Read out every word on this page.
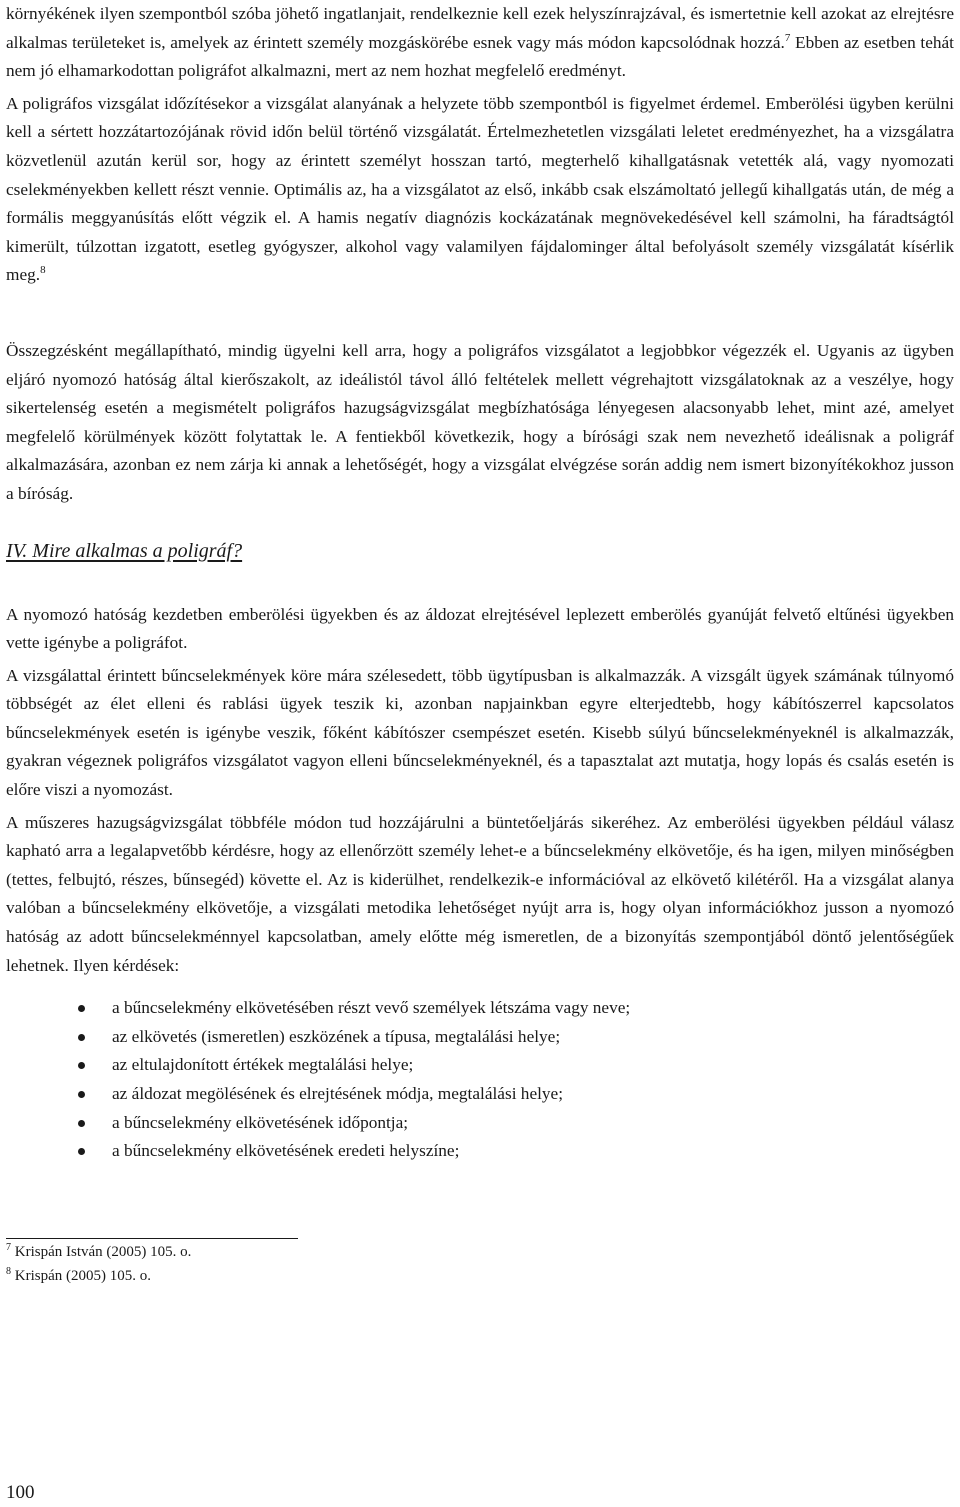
környékének ilyen szempontból szóba jöhető ingatlanjait, rendelkeznie kell ezek helyszínrajzával, és ismertetnie kell azokat az elrejtésre alkalmas területeket is, amelyek az érintett személy mozgáskörébe esnek vagy más módon kapcsolódnak hozzá.$^7$ Ebben az esetben tehát nem jó elhamarkodottan poligráfot alkalmazni, mert az nem hozhat megfelelő eredményt.

A poligráfos vizsgálat időzítésekor a vizsgálat alanyának a helyzete több szempontból is figyelmet érdemel. Emberölési ügyben kerülni kell a sértett hozzátartozójának rövid időn belül történő vizsgálatát. Értelmezhetetlen vizsgálati leletet eredményezhet, ha a vizsgálatra közvetlenül azután kerül sor, hogy az érintett személyt hosszan tartó, megterhelő kihallgatásnak vetették alá, vagy nyomozati cselekményekben kellett részt vennie. Optimális az, ha a vizsgálatot az első, inkább csak elszámoltató jellegű kihallgatás után, de még a formális meggyanúsítás előtt végzik el. A hamis negatív diagnózis kockázatának megnövekedésével kell számolni, ha fáradtságtól kimerült, túlzottan izgatott, esetleg gyógyszer, alkohol vagy valamilyen fájdalominger által befolyásolt személy vizsgálatát kísérlik meg.$^8$

Összegzésként megállapítható, mindig ügyelni kell arra, hogy a poligráfos vizsgálatot a legjobbkor végezzék el. Ugyanis az ügyben eljáró nyomozó hatóság által kierőszakolt, az ideálistól távol álló feltételek mellett végrehajtott vizsgálatoknak az a veszélye, hogy sikertelenség esetén a megismételt poligráfos hazugságvizsgálat megbízhatósága lényegesen alacsonyabb lehet, mint azé, amelyet megfelelő körülmények között folytattak le. A fentiekből következik, hogy a bírósági szak nem nevezhető ideálisnak a poligráf alkalmazására, azonban ez nem zárja ki annak a lehetőségét, hogy a vizsgálat elvégzése során addig nem ismert bizonyítékokhoz jusson a bíróság.

IV. Mire alkalmas a poligráf?

A nyomozó hatóság kezdetben emberölési ügyekben és az áldozat elrejtésével leplezett emberölés gyanúját felvető eltűnési ügyekben vette igénybe a poligráfot.

A vizsgálattal érintett bűncselekmények köre mára szélesedett, több ügytípusban is alkalmazzák. A vizsgált ügyek számának túlnyomó többségét az élet elleni és rablási ügyek teszik ki, azonban napjainkban egyre elterjedtebb, hogy kábítószerrel kapcsolatos bűncselekmények esetén is igénybe veszik, főként kábítószer csempészet esetén. Kisebb súlyú bűncselekményeknél is alkalmazzák, gyakran végeznek poligráfos vizsgálatot vagyon elleni bűncselekményeknél, és a tapasztalat azt mutatja, hogy lopás és csalás esetén is előre viszi a nyomozást.

A műszeres hazugságvizsgálat többféle módon tud hozzájárulni a büntetőeljárás sikeréhez. Az emberölési ügyekben például válasz kapható arra a legalapvetőbb kérdésre, hogy az ellenőrzött személy lehet-e a bűncselekmény elkövetője, és ha igen, milyen minőségben (tettes, felbujtó, részes, bűnsegéd) követte el. Az is kiderülhet, rendelkezik-e információval az elkövető kilétéről. Ha a vizsgálat alanya valóban a bűncselekmény elkövetője, a vizsgálati metodika lehetőséget nyújt arra is, hogy olyan információkhoz jusson a nyomozó hatóság az adott bűncselekménnyel kapcsolatban, amely előtte még ismeretlen, de a bizonyítás szempontjából döntő jelentőségűek lehetnek. Ilyen kérdések:

a bűncselekmény elkövetésében részt vevő személyek létszáma vagy neve;
az elkövetés (ismeretlen) eszközének a típusa, megtalálási helye;
az eltulajdonított értékek megtalálási helye;
az áldozat megölésének és elrejtésének módja, megtalálási helye;
a bűncselekmény elkövetésének időpontja;
a bűncselekmény elkövetésének eredeti helyszíne;
$^7$ Krispán István (2005) 105. o.
$^8$ Krispán (2005) 105. o.
100
